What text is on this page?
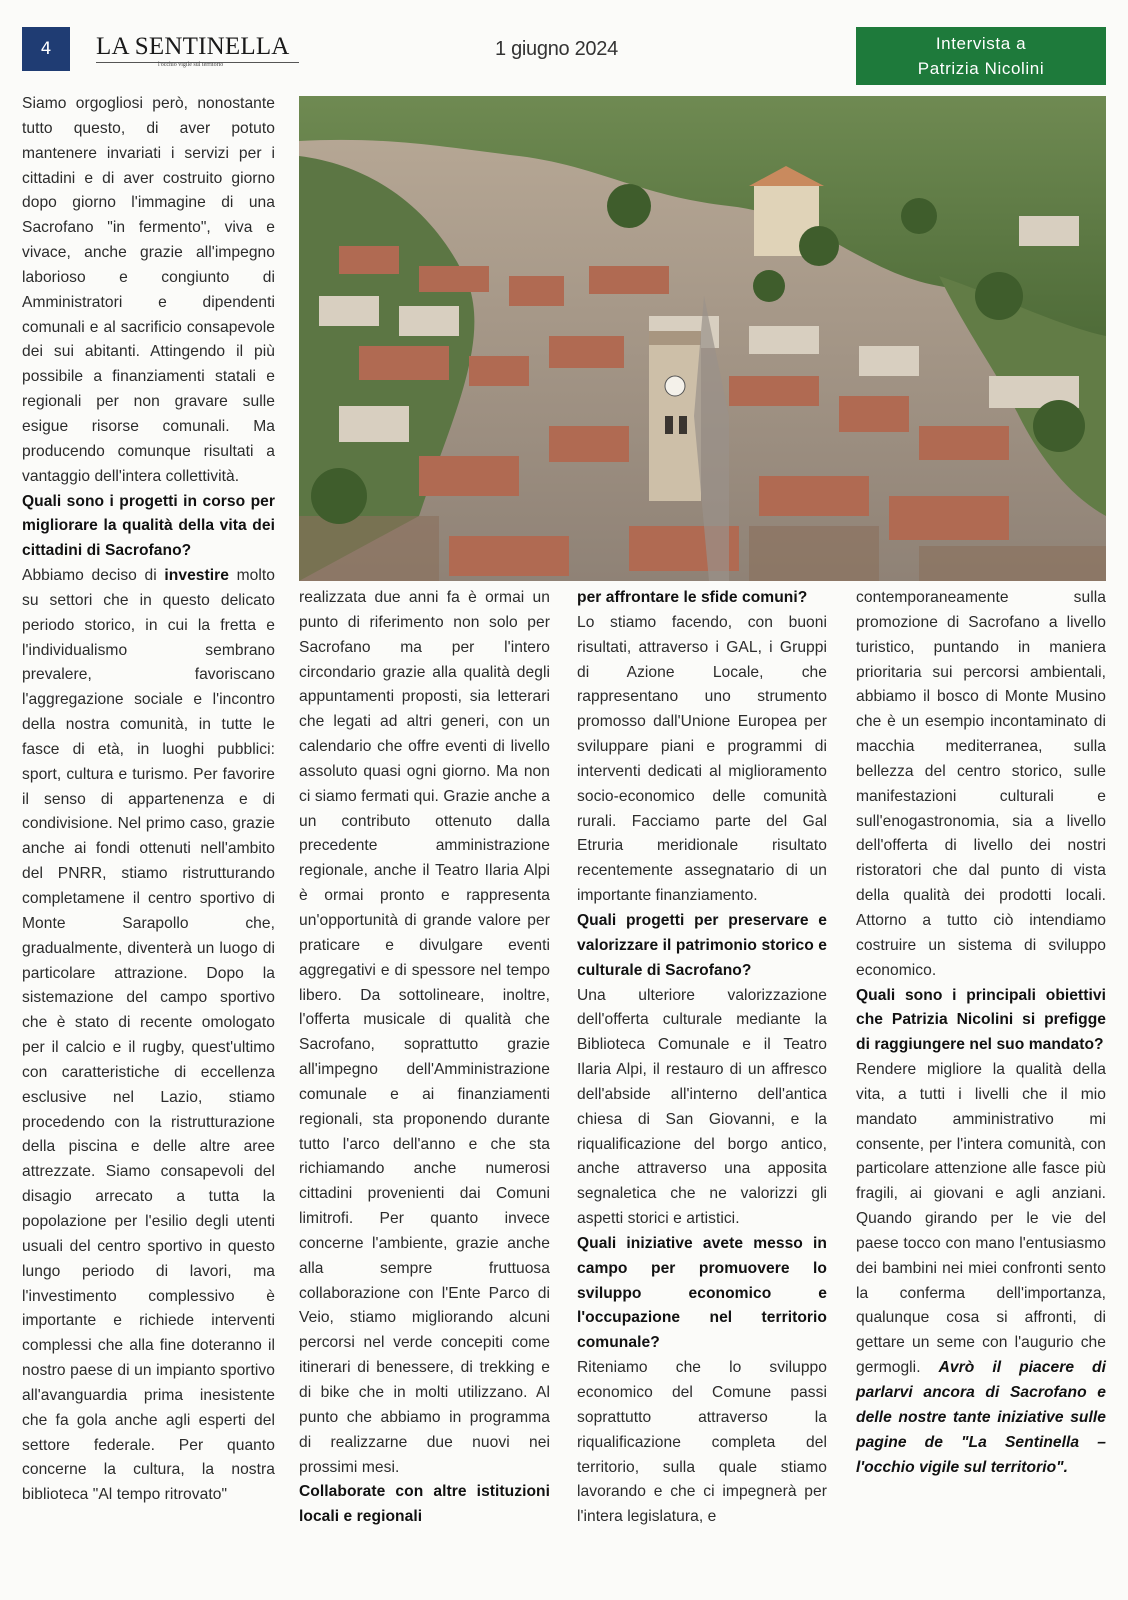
4	LA SENTINELLA
l'occhio vigile sul territorio
1 giugno 2024	Intervista a
Patrizia Nicolini

Siamo orgogliosi però, nonostante tutto questo, di aver potuto mantenere invariati i servizi per i cittadini e di aver costruito giorno dopo giorno l'immagine di una Sacrofano "in fermento", viva e vivace, anche grazie all'impegno laborioso e congiunto di Amministratori e dipendenti comunali e al sacrificio consapevole dei sui abitanti. Attingendo il più possibile a finanziamenti statali e regionali per non gravare sulle esigue risorse comunali. Ma producendo comunque risultati a vantaggio dell'intera collettività.

Quali sono i progetti in corso per migliorare la qualità della vita dei cittadini di Sacrofano?

Abbiamo deciso di investire molto su settori che in questo delicato periodo storico, in cui la fretta e l'individualismo sembrano prevalere, favoriscano l'aggregazione sociale e l'incontro della nostra comunità, in tutte le fasce di età, in luoghi pubblici: sport, cultura e turismo. Per favorire il senso di appartenenza e di condivisione. Nel primo caso, grazie anche ai fondi ottenuti nell'ambito del PNRR, stiamo ristrutturando completamene il centro sportivo di Monte Sarapollo che, gradualmente, diventerà un luogo di particolare attrazione. Dopo la sistemazione del campo sportivo che è stato di recente omologato per il calcio e il rugby, quest'ultimo con caratteristiche di eccellenza esclusive nel Lazio, stiamo procedendo con la ristrutturazione della piscina e delle altre aree attrezzate. Siamo consapevoli del disagio arrecato a tutta la popolazione per l'esilio degli utenti usuali del centro sportivo in questo lungo periodo di lavori, ma l'investimento complessivo è importante e richiede interventi complessi che alla fine doteranno il nostro paese di un impianto sportivo all'avanguardia prima inesistente che fa gola anche agli esperti del settore federale. Per quanto concerne la cultura, la nostra biblioteca "Al tempo ritrovato"

realizzata due anni fa è ormai un punto di riferimento non solo per Sacrofano ma per l'intero circondario grazie alla qualità degli appuntamenti proposti, sia letterari che legati ad altri generi, con un calendario che offre eventi di livello assoluto quasi ogni giorno. Ma non ci siamo fermati qui. Grazie anche a un contributo ottenuto dalla precedente amministrazione regionale, anche il Teatro Ilaria Alpi è ormai pronto e rappresenta un'opportunità di grande valore per praticare e divulgare eventi aggregativi e di spessore nel tempo libero. Da sottolineare, inoltre, l'offerta musicale di qualità che Sacrofano, soprattutto grazie all'impegno dell'Amministrazione comunale e ai finanziamenti regionali, sta proponendo durante tutto l'arco dell'anno e che sta richiamando anche numerosi cittadini provenienti dai Comuni limitrofi. Per quanto invece concerne l'ambiente, grazie anche alla sempre fruttuosa collaborazione con l'Ente Parco di Veio, stiamo migliorando alcuni percorsi nel verde concepiti come itinerari di benessere, di trekking e di bike che in molti utilizzano. Al punto che abbiamo in programma di realizzarne due nuovi nei prossimi mesi.

Collaborate con altre istituzioni locali e regionali

per affrontare le sfide comuni?

Lo stiamo facendo, con buoni risultati, attraverso i GAL, i Gruppi di Azione Locale, che rappresentano uno strumento promosso dall'Unione Europea per sviluppare piani e programmi di interventi dedicati al miglioramento socio-economico delle comunità rurali. Facciamo parte del Gal Etruria meridionale risultato recentemente assegnatario di un importante finanziamento.

Quali progetti per preservare e valorizzare il patrimonio storico e culturale di Sacrofano?

Una ulteriore valorizzazione dell'offerta culturale mediante la Biblioteca Comunale e il Teatro Ilaria Alpi, il restauro di un affresco dell'abside all'interno dell'antica chiesa di San Giovanni, e la riqualificazione del borgo antico, anche attraverso una apposita segnaletica che ne valorizzi gli aspetti storici e artistici.

Quali iniziative avete messo in campo per promuovere lo sviluppo economico e l'occupazione nel territorio comunale?

Riteniamo che lo sviluppo economico del Comune passi soprattutto attraverso la riqualificazione completa del territorio, sulla quale stiamo lavorando e che ci impegnerà per l'intera legislatura, e

contemporaneamente sulla promozione di Sacrofano a livello turistico, puntando in maniera prioritaria sui percorsi ambientali, abbiamo il bosco di Monte Musino che è un esempio incontaminato di macchia mediterranea, sulla bellezza del centro storico, sulle manifestazioni culturali e sull'enogastronomia, sia a livello dell'offerta di livello dei nostri ristoratori che dal punto di vista della qualità dei prodotti locali. Attorno a tutto ciò intendiamo costruire un sistema di sviluppo economico.

Quali sono i principali obiettivi che Patrizia Nicolini si prefigge di raggiungere nel suo mandato?

Rendere migliore la qualità della vita, a tutti i livelli che il mio mandato amministrativo mi consente, per l'intera comunità, con particolare attenzione alle fasce più fragili, ai giovani e agli anziani. Quando girando per le vie del paese tocco con mano l'entusiasmo dei bambini nei miei confronti sento la conferma dell'importanza, qualunque cosa si affronti, di gettare un seme con l'augurio che germogli. Avrò il piacere di parlarvi ancora di Sacrofano e delle nostre tante iniziative sulle pagine de "La Sentinella – l'occhio vigile sul territorio".
